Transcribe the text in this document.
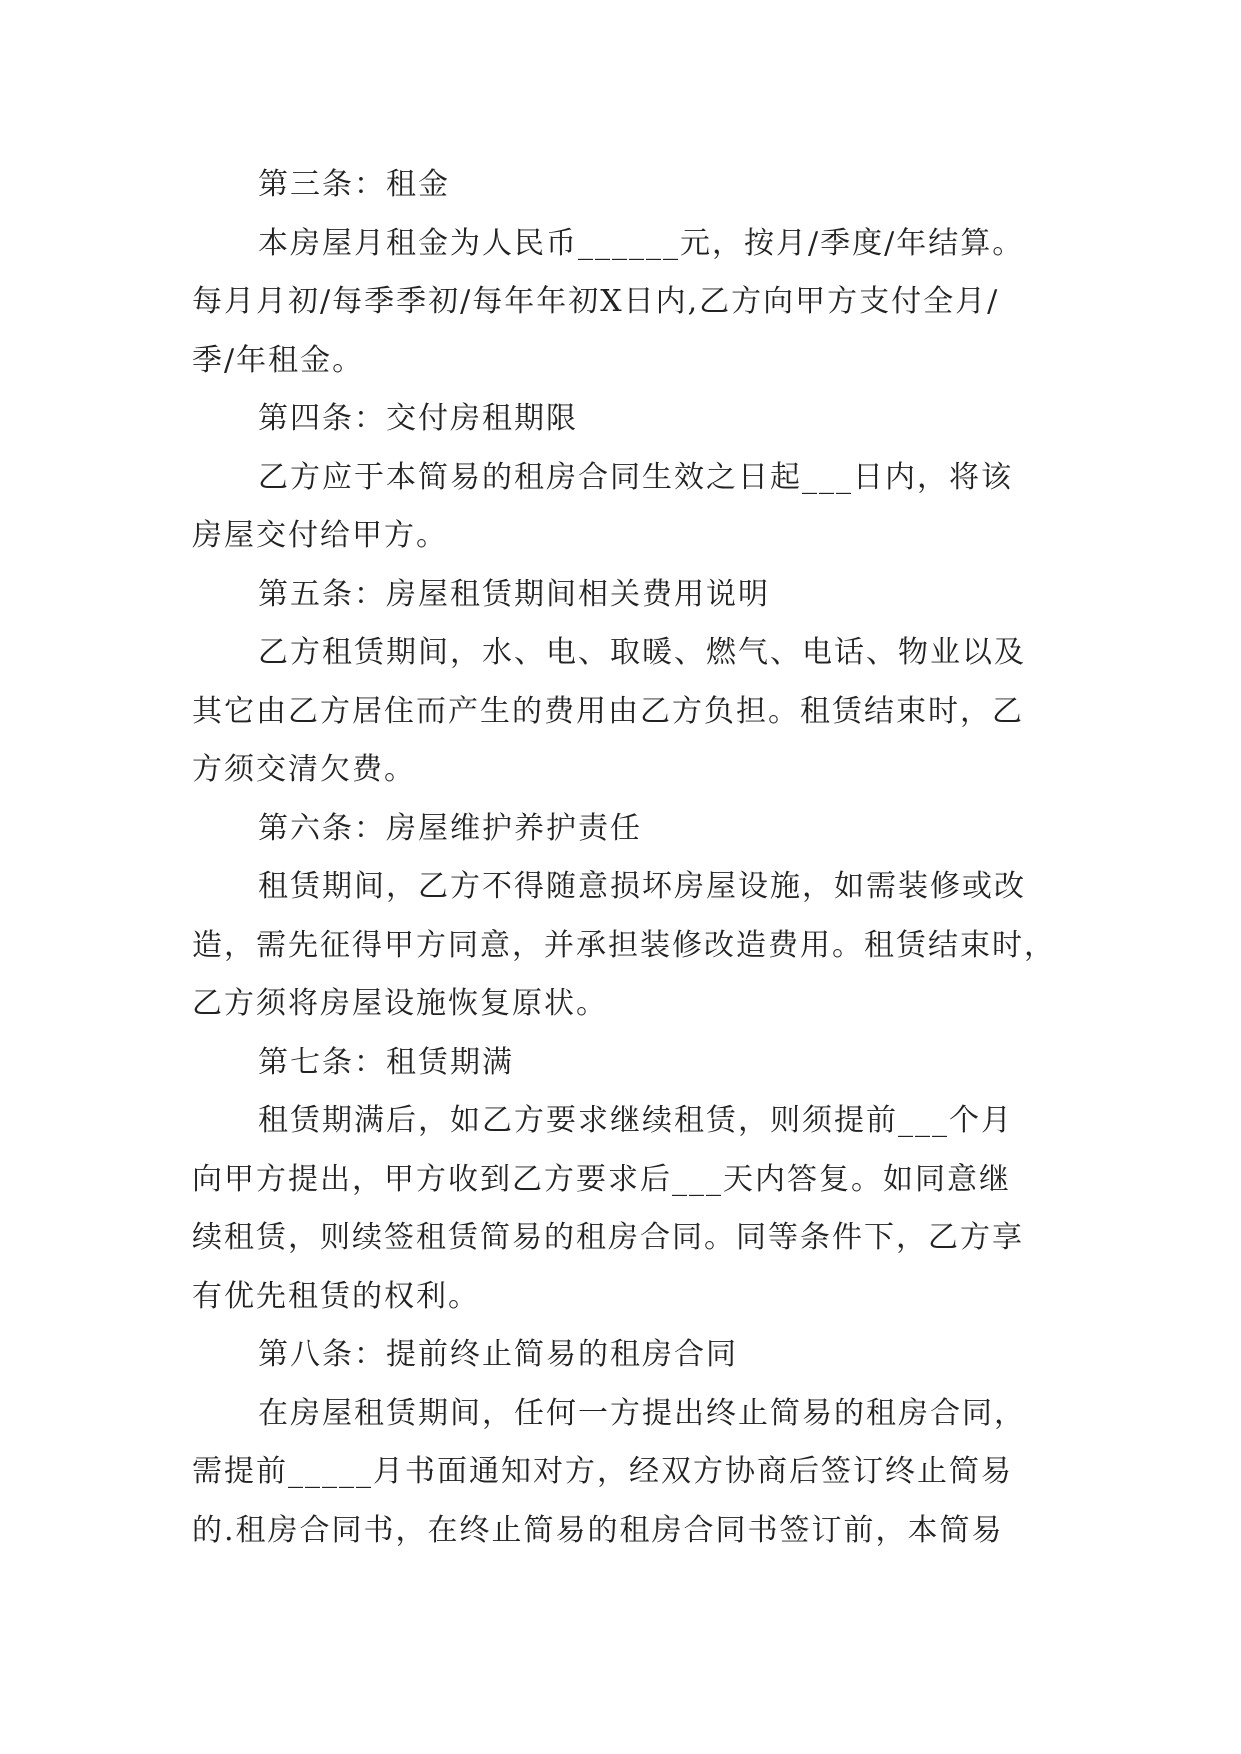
第三条：租金
本房屋月租金为人民币______元，按月/季度/年结算。
每月月初/每季季初/每年年初X日内,乙方向甲方支付全月/
季/年租金。
第四条：交付房租期限
乙方应于本简易的租房合同生效之日起___日内，将该
房屋交付给甲方。
第五条：房屋租赁期间相关费用说明
乙方租赁期间，水、电、取暖、燃气、电话、物业以及
其它由乙方居住而产生的费用由乙方负担。租赁结束时，乙
方须交清欠费。
第六条：房屋维护养护责任
租赁期间，乙方不得随意损坏房屋设施，如需装修或改
造，需先征得甲方同意，并承担装修改造费用。租赁结束时，
乙方须将房屋设施恢复原状。
第七条：租赁期满
租赁期满后，如乙方要求继续租赁，则须提前___个月
向甲方提出，甲方收到乙方要求后___天内答复。如同意继
续租赁，则续签租赁简易的租房合同。同等条件下，乙方享
有优先租赁的权利。
第八条：提前终止简易的租房合同
在房屋租赁期间，任何一方提出终止简易的租房合同，
需提前_____月书面通知对方，经双方协商后签订终止简易
的.租房合同书，在终止简易的租房合同书签订前，本简易
